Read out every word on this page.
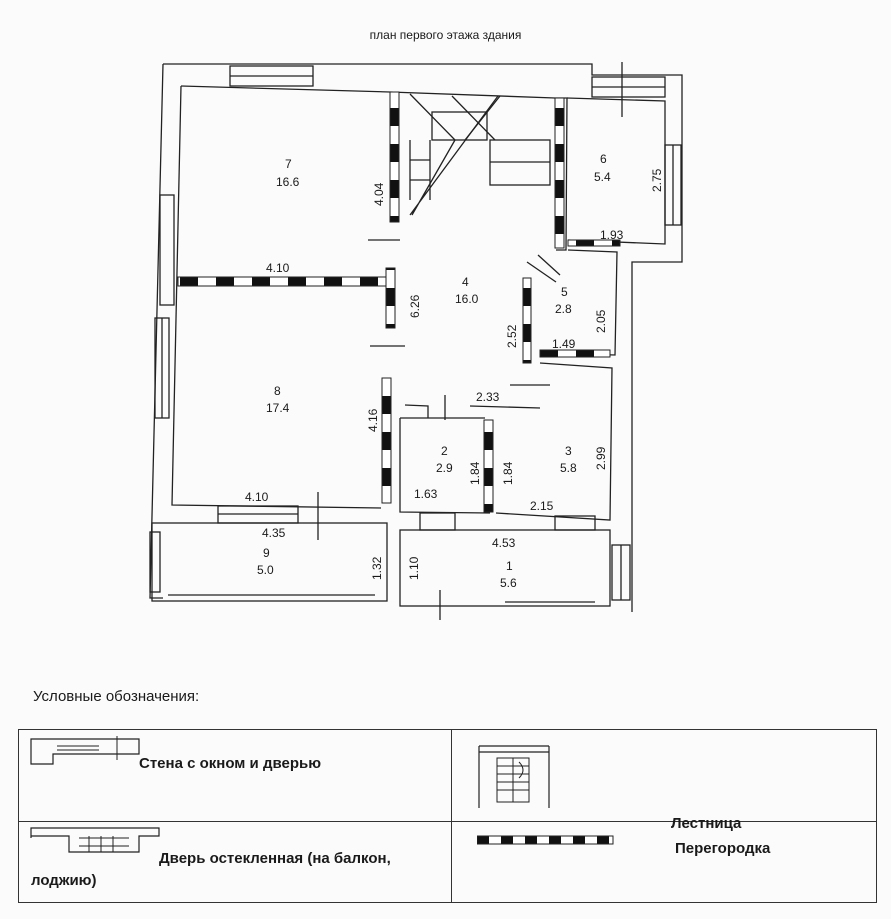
план первого этажа здания
7
16.6
8
17.4
4
16.0
6
5.4
5
2.8
2
2.9
3
5.8
9
5.0	1
5.6
4.04
4.10
6.26
2.75
1.93
2.05
2.52	1.49
4.16
2.33
1.84 1.84
2.99
1.63
2.15
4.10
4.35
4.53
1.32 1.10
Условные обозначения:
Стена с окном и дверью
Лестница
Дверь остекленная (на балкон,
лоджию)
Перегородка
